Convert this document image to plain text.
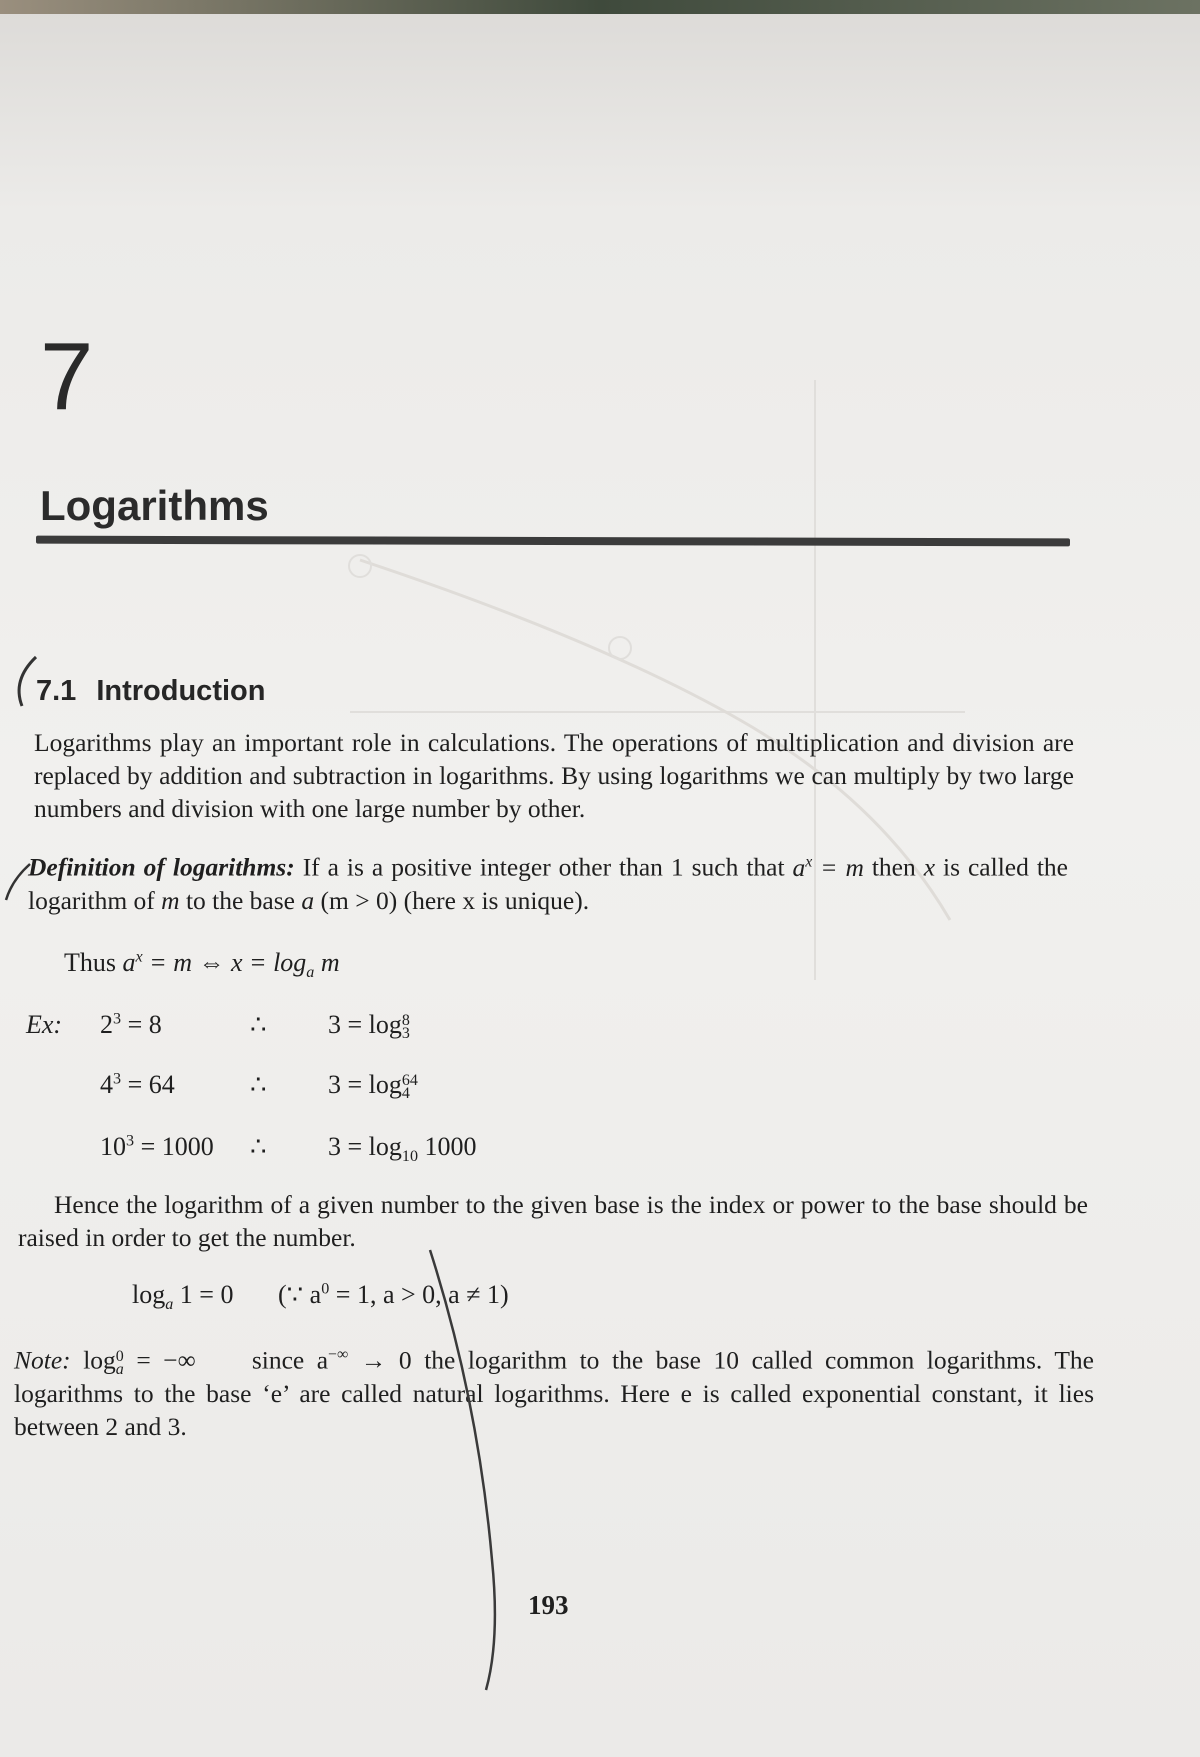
7
Logarithms
7.1 Introduction
Logarithms play an important role in calculations. The operations of multiplication and division are replaced by addition and subtraction in logarithms. By using logarithms we can multiply by two large numbers and division with one large number by other.
Definition of logarithms: If a is a positive integer other than 1 such that $a^x = m$ then x is called the logarithm of m to the base a (m > 0) (here x is unique).
Thus $a^x = m$ ⇔ $x = \log_a m$
Ex: $2^3 = 8$	∴ 3 = log 8
3
$4^3 = 64$	∴ 3 = log 64
4
$10^3 = 1000$ ∴ $3 = \log_{10} 1000$
Hence the logarithm of a given number to the given base is the index or power to the base should be raised in order to get the number.
$\log_a 1 = 0$ (∵ $a^0 = 1$, a > 0, a ≠ 1)
Note: log 0
a = −∞ since a−∞ → 0 the logarithm to the base 10 called common logarithms. The logarithms to the base ‘e’ are called natural logarithms. Here e is called exponential constant, it lies between 2 and 3.
193
